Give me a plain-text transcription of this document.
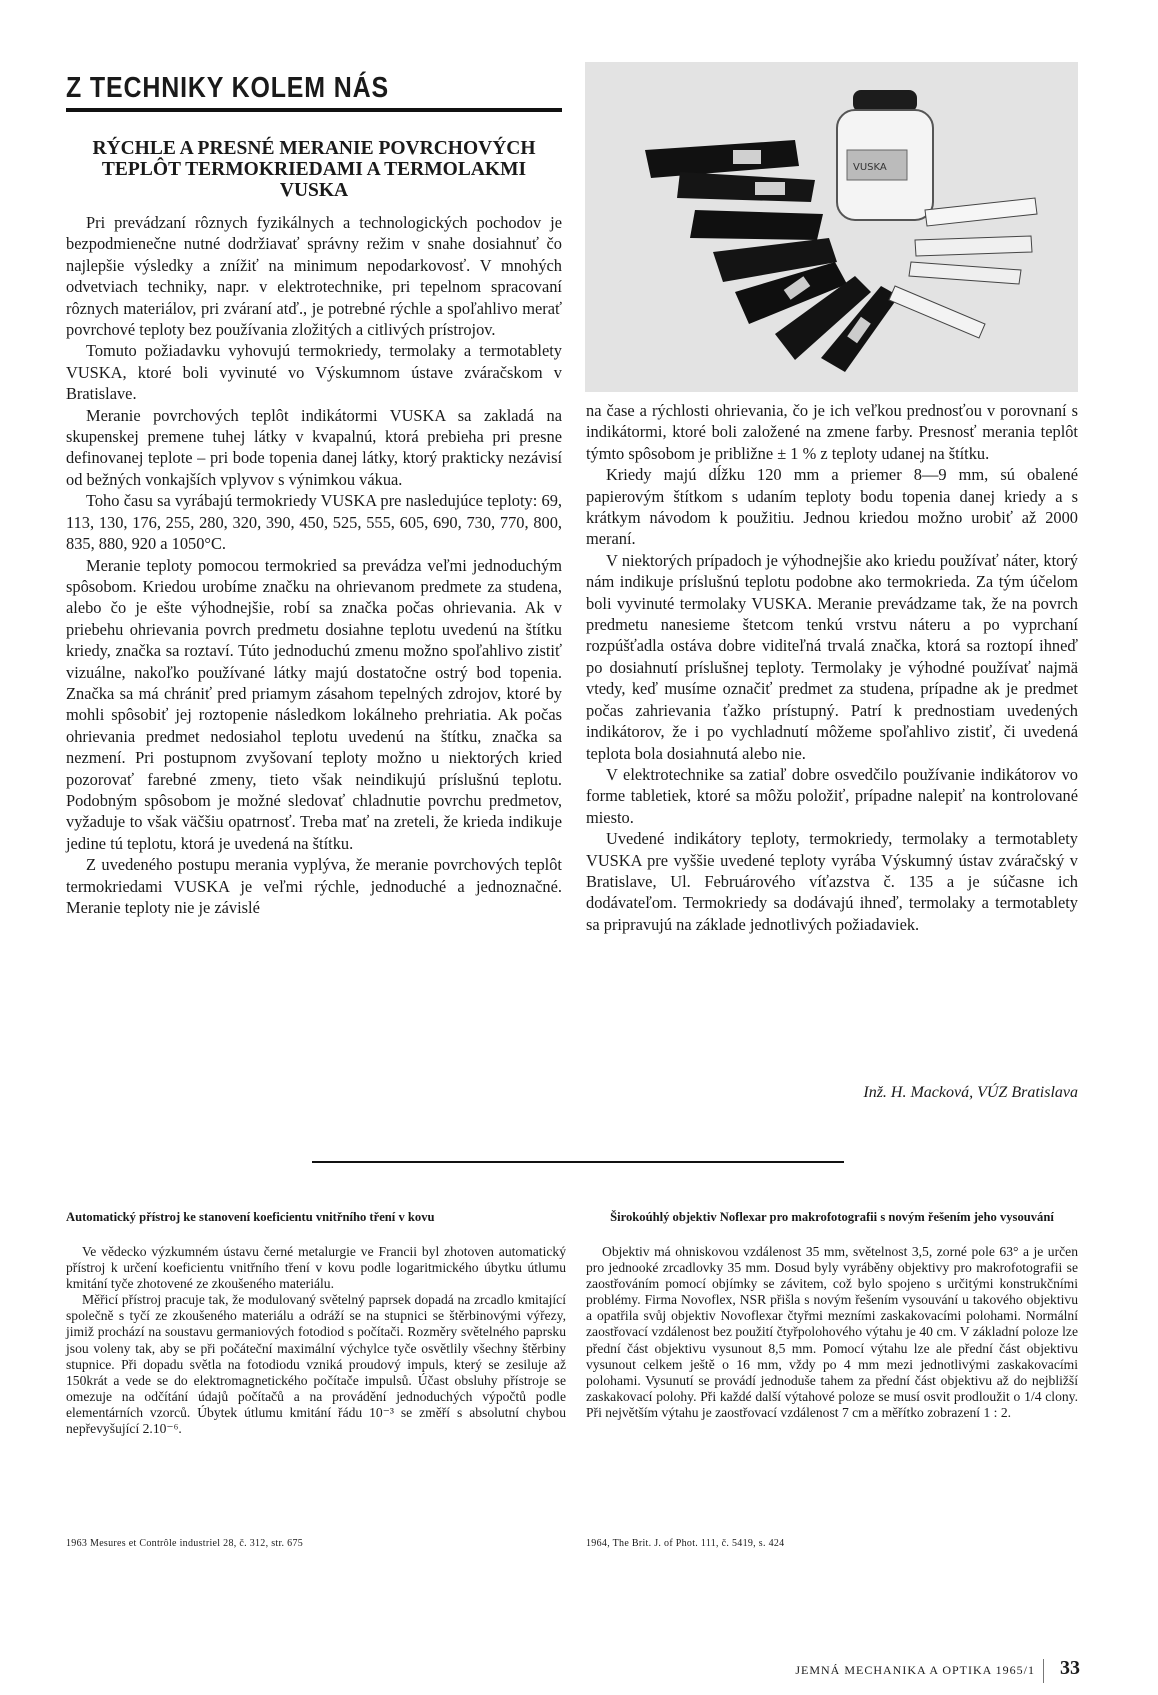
Z TECHNIKY KOLEM NÁS
VUSKA
RÝCHLE A PRESNÉ MERANIE POVRCHOVÝCH TEPLÔT TERMOKRIEDAMI A TERMOLAKMI VUSKA

Pri prevádzaní rôznych fyzikálnych a technologických pochodov je bezpodmienečne nutné dodržiavať správny režim v snahe dosiahnuť čo najlepšie výsledky a znížiť na minimum nepodarkovosť. V mnohých odvetviach techniky, napr. v elektrotechnike, pri tepelnom spracovaní rôznych materiálov, pri zváraní atď., je potrebné rýchle a spoľahlivo merať povrchové teploty bez používania zložitých a citlivých prístrojov.

Tomuto požiadavku vyhovujú termokriedy, termolaky a termotablety VUSKA, ktoré boli vyvinuté vo Výskumnom ústave zváračskom v Bratislave.

Meranie povrchových teplôt indikátormi VUSKA sa zakladá na skupenskej premene tuhej látky v kvapalnú, ktorá prebieha pri presne definovanej teplote – pri bode topenia danej látky, ktorý prakticky nezávisí od bežných vonkajších vplyvov s výnimkou vákua.

Toho času sa vyrábajú termokriedy VUSKA pre nasledujúce teploty: 69, 113, 130, 176, 255, 280, 320, 390, 450, 525, 555, 605, 690, 730, 770, 800, 835, 880, 920 a 1050°C.

Meranie teploty pomocou termokried sa prevádza veľmi jednoduchým spôsobom. Kriedou urobíme značku na ohrievanom predmete za studena, alebo čo je ešte výhodnejšie, robí sa značka počas ohrievania. Ak v priebehu ohrievania povrch predmetu dosiahne teplotu uvedenú na štítku kriedy, značka sa roztaví. Túto jednoduchú zmenu možno spoľahlivo zistiť vizuálne, nakoľko používané látky majú dostatočne ostrý bod topenia. Značka sa má chrániť pred priamym zásahom tepelných zdrojov, ktoré by mohli spôsobiť jej roztopenie následkom lokálneho prehriatia. Ak počas ohrievania predmet nedosiahol teplotu uvedenú na štítku, značka sa nezmení. Pri postupnom zvyšovaní teploty možno u niektorých kried pozorovať farebné zmeny, tieto však neindikujú príslušnú teplotu. Podobným spôsobom je možné sledovať chladnutie povrchu predmetov, vyžaduje to však väčšiu opatrnosť. Treba mať na zreteli, že krieda indikuje jedine tú teplotu, ktorá je uvedená na štítku.

Z uvedeného postupu merania vyplýva, že meranie povrchových teplôt termokriedami VUSKA je veľmi rýchle, jednoduché a jednoznačné. Meranie teploty nie je závislé

na čase a rýchlosti ohrievania, čo je ich veľkou prednosťou v porovnaní s indikátormi, ktoré boli založené na zmene farby. Presnosť merania teplôt týmto spôsobom je približne ± 1 % z teploty udanej na štítku.

Kriedy majú dĺžku 120 mm a priemer 8—9 mm, sú obalené papierovým štítkom s udaním teploty bodu topenia danej kriedy a s krátkym návodom k použitiu. Jednou kriedou možno urobiť až 2000 meraní.

V niektorých prípadoch je výhodnejšie ako kriedu používať náter, ktorý nám indikuje príslušnú teplotu podobne ako termokrieda. Za tým účelom boli vyvinuté termolaky VUSKA. Meranie prevádzame tak, že na povrch predmetu nanesieme štetcom tenkú vrstvu náteru a po vyprchaní rozpúšťadla ostáva dobre viditeľná trvalá značka, ktorá sa roztopí ihneď po dosiahnutí príslušnej teploty. Termolaky je výhodné používať najmä vtedy, keď musíme označiť predmet za studena, prípadne ak je predmet počas zahrievania ťažko prístupný. Patrí k prednostiam uvedených indikátorov, že i po vychladnutí môžeme spoľahlivo zistiť, či uvedená teplota bola dosiahnutá alebo nie.

V elektrotechnike sa zatiaľ dobre osvedčilo používanie indikátorov vo forme tabletiek, ktoré sa môžu položiť, prípadne nalepiť na kontrolované miesto.

Uvedené indikátory teploty, termokriedy, termolaky a termotablety VUSKA pre vyššie uvedené teploty vyrába Výskumný ústav zváračský v Bratislave, Ul. Februárového víťazstva č. 135 a je súčasne ich dodávateľom. Termokriedy sa dodávajú ihneď, termolaky a termotablety sa pripravujú na základe jednotlivých požiadaviek.

Inž. H. Macková, VÚZ Bratislava
Automatický přístroj ke stanovení koeficientu vnitřního tření v kovu

Ve vědecko výzkumném ústavu černé metalurgie ve Francii byl zhotoven automatický přístroj k určení koeficientu vnitřního tření v kovu podle logaritmického úbytku útlumu kmitání tyče zhotovené ze zkoušeného materiálu.

Měřicí přístroj pracuje tak, že modulovaný světelný paprsek dopadá na zrcadlo kmitající společně s tyčí ze zkoušeného materiálu a odráží se na stupnici se štěrbinovými výřezy, jimiž prochází na soustavu germaniových fotodiod s počítači. Rozměry světelného paprsku jsou voleny tak, aby se při počáteční maximální výchylce tyče osvětlily všechny štěrbiny stupnice. Při dopadu světla na fotodiodu vzniká proudový impuls, který se zesiluje až 150krát a vede se do elektromagnetického počítače impulsů. Účast obsluhy přístroje se omezuje na odčítání údajů počítačů a na provádění jednoduchých výpočtů podle elementárních vzorců. Úbytek útlumu kmitání řádu 10⁻³ se změří s absolutní chybou nepřevyšující 2.10⁻⁶.

1963 Mesures et Contrôle industriel 28, č. 312, str. 675
Širokoúhlý objektiv Noflexar pro makrofotografii s novým řešením jeho vysouvání

Objektiv má ohniskovou vzdálenost 35 mm, světelnost 3,5, zorné pole 63° a je určen pro jednooké zrcadlovky 35 mm. Dosud byly vyráběny objektivy pro makrofotografii se zaostřováním pomocí objímky se závitem, což bylo spojeno s určitými konstrukčními problémy. Firma Novoflex, NSR přišla s novým řešením vysouvání u takového objektivu a opatřila svůj objektiv Novoflexar čtyřmi mezními zaskakovacími polohami. Normální zaostřovací vzdálenost bez použití čtyřpolohového výtahu je 40 cm. V základní poloze lze přední část objektivu vysunout 8,5 mm. Pomocí výtahu lze ale přední část objektivu vysunout celkem ještě o 16 mm, vždy po 4 mm mezi jednotlivými zaskakovacími polohami. Vysunutí se provádí jednoduše tahem za přední část objektivu až do nejbližší zaskakovací polohy. Při každé další výtahové poloze se musí osvit prodloužit o 1/4 clony. Při největším výtahu je zaostřovací vzdálenost 7 cm a měřítko zobrazení 1 : 2.

1964, The Brit. J. of Phot. 111, č. 5419, s. 424
JEMNÁ MECHANIKA A OPTIKA 1965/1 33
